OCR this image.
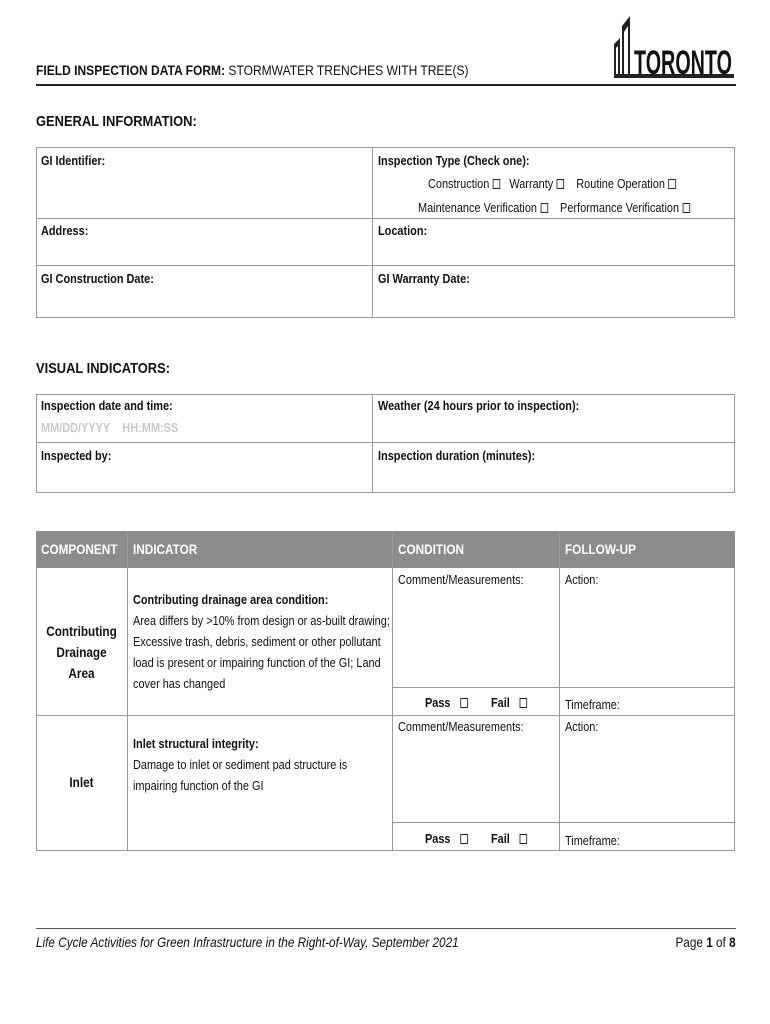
FIELD INSPECTION DATA FORM: STORMWATER TRENCHES WITH TREE(S)	TORONTO
GENERAL INFORMATION:
GI Identifier:	Inspection Type (Check one):
Construction Warranty Routine Operation
Maintenance Verification Performance Verification
Address:	Location:
GI Construction Date:	GI Warranty Date:
VISUAL INDICATORS:
Inspection date and time:
MM/DD/YYYY HH:MM:SS
Weather (24 hours prior to inspection):
Inspected by:	Inspection duration (minutes):
COMPONENT INDICATOR	CONDITION	FOLLOW-UP
Contributing
Drainage Area
Contributing drainage area condition:
Area differs by >10% from design or as-built drawing;
Excessive trash, debris, sediment or other pollutant
load is present or impairing function of the GI; Land
cover has changed
Comment/Measurements:	Action:
Pass	Fail	Timeframe:
Inlet
Inlet structural integrity:
Damage to inlet or sediment pad structure is
impairing function of the GI
Comment/Measurements:	Action:
Pass	Fail	Timeframe:
Life Cycle Activities for Green Infrastructure in the Right-of-Way, September 2021	Page 1 of 8
